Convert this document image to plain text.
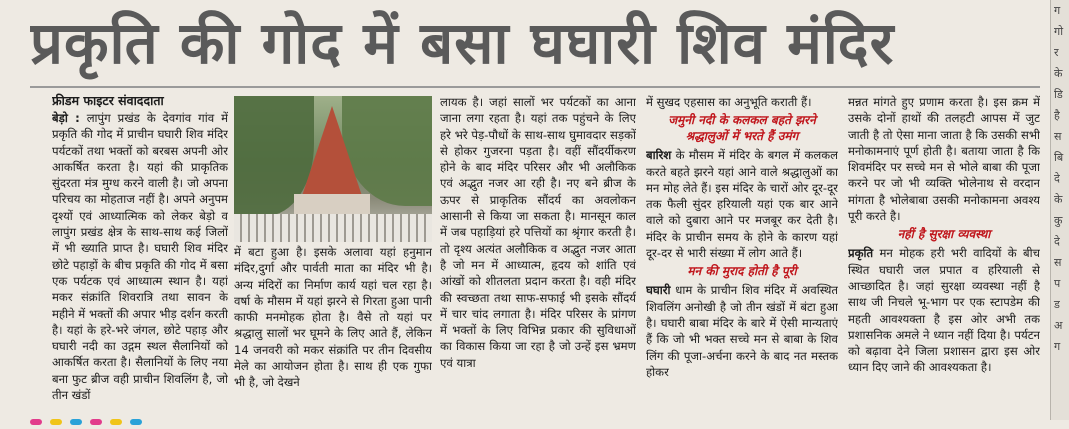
प्रकृति की गोद में बसा घघारी शिव मंदिर

फ्रीडम फाइटर संवाददाता

बेड़ो : लापुंग प्रखंड के देवगांव गांव में प्रकृति की गोद में प्राचीन घघारी शिव मंदिर पर्यटकों तथा भक्तों को बरबस अपनी ओर आकर्षित करता है। यहां की प्राकृतिक सुंदरता मंत्र मुग्ध करने वाली है। जो अपना परिचय का मोहताज नहीं है। अपने अनुपम दृश्यों एवं आध्यात्मिक को लेकर बेड़ो व लापुंग प्रखंड क्षेत्र के साथ-साथ कई जिलों में भी ख्याति प्राप्त है। घघारी शिव मंदिर छोटे पहाड़ों के बीच प्रकृति की गोद में बसा एक पर्यटक एवं आध्यात्म स्थान है। यहां मकर संक्रांति शिवरात्रि तथा सावन के महीने में भक्तों की अपार भीड़ दर्शन करती है। यहां के हरे-भरे जंगल, छोटे पहाड़ और घघारी नदी का उद्गम स्थल सैलानियों को आकर्षित करता है। सैलानियों के लिए नया बना फुट ब्रीज वही प्राचीन शिवलिंग है, जो तीन खंडों

में बटा हुआ है। इसके अलावा यहां हनुमान मंदिर,दुर्गा और पार्वती माता का मंदिर भी है। अन्य मंदिरों का निर्माण कार्य यहां चल रहा है। वर्षा के मौसम में यहां झरने से गिरता हुआ पानी काफी मनमोहक होता है। वैसे तो यहां पर श्रद्धालु सालों भर घूमने के लिए आते हैं, लेकिन 14 जनवरी को मकर संक्रांति पर तीन दिवसीय मेले का आयोजन होता है। साथ ही एक गुफा भी है, जो देखने

लायक है। जहां सालों भर पर्यटकों का आना जाना लगा रहता है। यहां तक पहुंचने के लिए हरे भरे पेड़-पौधों के साथ-साथ घुमावदार सड़कों से होकर गुजरना पड़ता है। वहीं सौंदर्यीकरण होने के बाद मंदिर परिसर और भी अलौकिक एवं अद्भुत नजर आ रही है। नए बने ब्रीज के ऊपर से प्राकृतिक सौंदर्य का अवलोकन आसानी से किया जा सकता है। मानसून काल में जब पहाड़ियां हरे पत्तियों का श्रृंगार करती है। तो दृश्य अत्यंत अलौकिक व अद्भुत नजर आता है जो मन में आध्यात्म, हृदय को शांति एवं आंखों को शीतलता प्रदान करता है। वही मंदिर की स्वच्छता तथा साफ-सफाई भी इसके सौंदर्य में चार चांद लगाता है। मंदिर परिसर के प्रांगण में भक्तों के लिए विभिन्न प्रकार की सुविधाओं का विकास किया जा रहा है जो उन्हें इस भ्रमण एवं यात्रा

में सुखद एहसास का अनुभूति कराती हैं।

जमुनी नदी के कलकल बहते झरने श्रद्धालुओं में भरते हैं उमंग

बारिश के मौसम में मंदिर के बगल में कलकल करते बहते झरने यहां आने वाले श्रद्धालुओं का मन मोह लेते हैं। इस मंदिर के चारों ओर दूर-दूर तक फैली सुंदर हरियाली यहां एक बार आने वाले को दुबारा आने पर मजबूर कर देती है। मंदिर के प्राचीन समय के होने के कारण यहां दूर-दर से भारी संख्या में लोग आते हैं।

मन की मुराद होती है पूरी

घघारी धाम के प्राचीन शिव मंदिर में अवस्थित शिवलिंग अनोखी है जो तीन खंडों में बंटा हुआ है। घघारी बाबा मंदिर के बारे में ऐसी मान्यताएं हैं कि जो भी भक्त सच्चे मन से बाबा के शिव लिंग की पूजा-अर्चना करने के बाद नत मस्तक होकर

मन्नत मांगते हुए प्रणाम करता है। इस क्रम में उसके दोनों हाथों की तलहटी आपस में जुट जाती है तो ऐसा माना जाता है कि उसकी सभी मनोकामनाएं पूर्ण होती है। बताया जाता है कि शिवमंदिर पर सच्चे मन से भोले बाबा की पूजा करने पर जो भी व्यक्ति भोलेनाथ से वरदान मांगता है भोलेबाबा उसकी मनोकामना अवश्य पूरी करते है।

नहीं है सुरक्षा व्यवस्था

प्रकृति मन मोहक हरी भरी वादियों के बीच स्थित घघारी जल प्रपात व हरियाली से आच्छादित है। जहां सुरक्षा व्यवस्था नहीं है साथ जी निचले भू-भाग पर एक स्टापडेम की महती आवश्यक्ता है इस ओर अभी तक प्रशासनिक अमले ने ध्यान नहीं दिया है। पर्यटन को बढ़ावा देने जिला प्रशासन द्वारा इस ओर ध्यान दिए जाने की आवश्यकता है।

ग
गो
र
के
डि
है
स
बि
दे
के
कु
दे
स
प
ड
अ
ग
